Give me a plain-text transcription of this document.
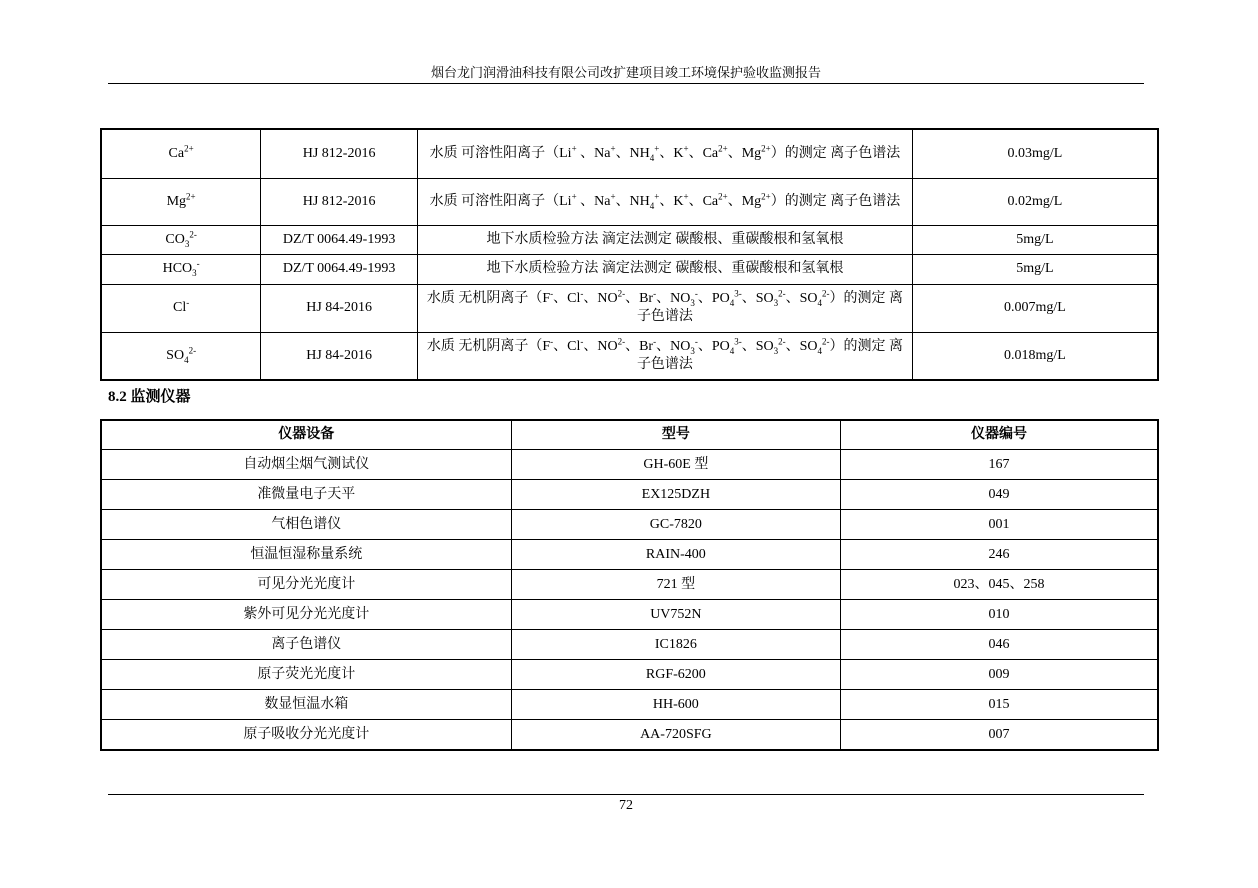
烟台龙门润滑油科技有限公司改扩建项目竣工环境保护验收监测报告
$Ca^{2+}$	HJ 812-2016	水质 可溶性阳离子（Li+ 、Na+、$NH_4^+$、K+、$Ca^{2+}$、$Mg^{2+}$）的测定 离子色谱法	0.03mg/L
$Mg^{2+}$	HJ 812-2016	水质 可溶性阳离子（Li+ 、Na+、$NH_4^+$、K+、$Ca^{2+}$、$Mg^{2+}$）的测定 离子色谱法	0.02mg/L
$CO_3^{2-}$	DZ/T 0064.49-1993	地下水质检验方法 滴定法测定 碳酸根、重碳酸根和氢氧根	5mg/L
$HCO_3^-$	DZ/T 0064.49-1993	地下水质检验方法 滴定法测定 碳酸根、重碳酸根和氢氧根	5mg/L
Cl-	HJ 84-2016	水质 无机阴离子（F-、Cl-、$NO^{2-}$、Br-、$NO_3^-$、$PO_4^{3-}$、$SO_3^{2-}$、$SO_4^{2-}$）的测定 离子色谱法	0.007mg/L
$SO_4^{2-}$	HJ 84-2016	水质 无机阴离子（F-、Cl-、$NO^{2-}$、Br-、$NO_3^-$、$PO_4^{3-}$、$SO_3^{2-}$、$SO_4^{2-}$）的测定 离子色谱法	0.018mg/L
8.2 监测仪器
仪器设备	型号	仪器编号
自动烟尘烟气测试仪	GH-60E 型	167
准微量电子天平	EX125DZH	049
气相色谱仪	GC-7820	001
恒温恒湿称量系统	RAIN-400	246
可见分光光度计	721 型	023、045、258
紫外可见分光光度计	UV752N	010
离子色谱仪	IC1826	046
原子荧光光度计	RGF-6200	009
数显恒温水箱	HH-600	015
原子吸收分光光度计	AA-720SFG	007
72
